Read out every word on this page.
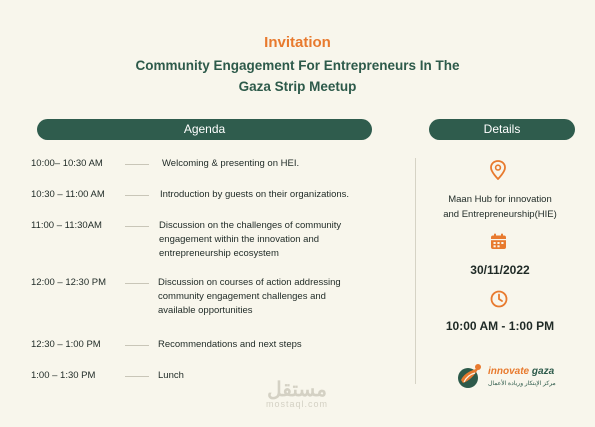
Invitation
Community Engagement For Entrepreneurs In The
Gaza Strip Meetup
Agenda	Details
10:00– 10:30 AM	Welcoming & presenting on HEI.
10:30 – 11:00 AM	Introduction by guests on their organizations.
11:00 – 11:30AM	Discussion on the challenges of community
engagement within the innovation and
entrepreneurship ecosystem
12:00 – 12:30 PM	Discussion on courses of action addressing
community engagement challenges and
available opportunities
12:30 – 1:00 PM	Recommendations and next steps
1:00 – 1:30 PM	Lunch
Maan Hub for innovation
and Entrepreneurship(HIE)
30/11/2022
10:00 AM - 1:00 PM
innovate gaza
مركز الإبتكار وريادة الأعمال
مستقل
mostaql.com
